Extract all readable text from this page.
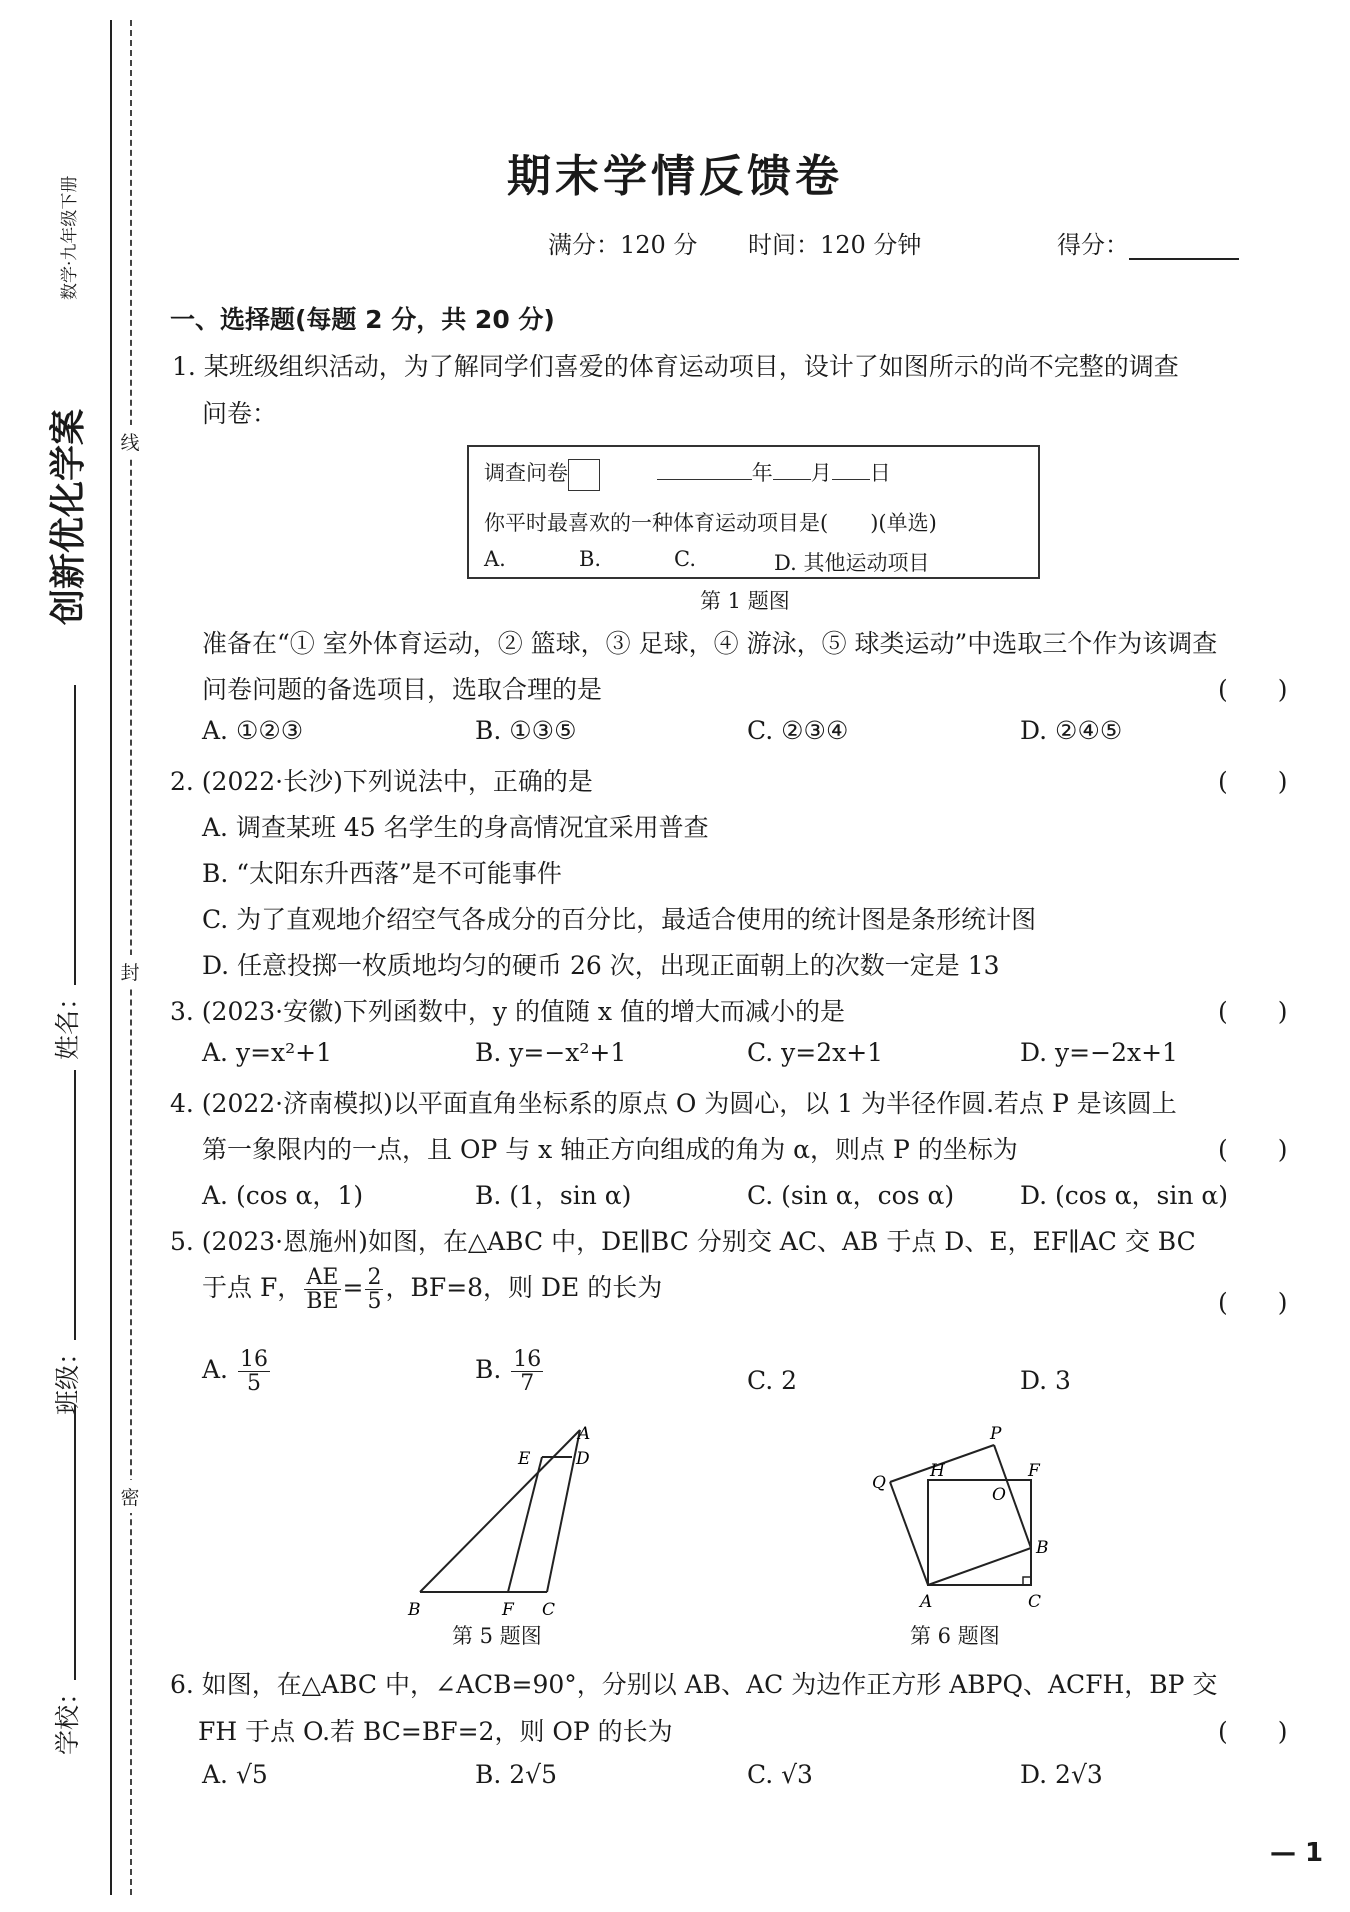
创新优化学案
数学·九年级下册
线
封
密
姓名：
班级：
学校：
期末学情反馈卷
满分：120 分 时间：120 分钟	得分：
一、选择题(每题 2 分，共 20 分)
1. 某班级组织活动，为了解同学们喜爱的体育运动项目，设计了如图所示的尚不完整的调查
问卷：
调查问卷	年 月 日
你平时最喜欢的一种体育运动项目是(　　)(单选)
A.	B.	C.	D. 其他运动项目
第 1 题图
准备在“① 室外体育运动，② 篮球，③ 足球，④ 游泳，⑤ 球类运动”中选取三个作为该调查
问卷问题的备选项目，选取合理的是	(　　)
A. ①②③	B. ①③⑤	C. ②③④	D. ②④⑤
2. (2022·长沙)下列说法中，正确的是	(　　)
A. 调查某班 45 名学生的身高情况宜采用普查
B. “太阳东升西落”是不可能事件
C. 为了直观地介绍空气各成分的百分比，最适合使用的统计图是条形统计图
D. 任意投掷一枚质地均匀的硬币 26 次，出现正面朝上的次数一定是 13
3. (2023·安徽)下列函数中，y 的值随 x 值的增大而减小的是	(　　)
A. y=x²+1	B. y=−x²+1	C. y=2x+1	D. y=−2x+1
4. (2022·济南模拟)以平面直角坐标系的原点 O 为圆心，以 1 为半径作圆.若点 P 是该圆上
第一象限内的一点，且 OP 与 x 轴正方向组成的角为 α，则点 P 的坐标为	(　　)
A. (cos α，1)	B. (1，sin α)	C. (sin α，cos α)	D. (cos α，sin α)
5. (2023·恩施州)如图，在△ABC 中，DE∥BC 分别交 AC、AB 于点 D、E，EF∥AC 交 BC
于点 F， $\frac{AE}{BE} = \frac{2}{5}$ ，BF=8，则 DE 的长为
(　　)
A. $\frac{16}{5}$	B. $\frac{16}{7}$	C. 2	D. 3
A
E	D
B	F C
第 5 题图
P
Q
H	F
O
B
A	C
第 6 题图
6. 如图，在△ABC 中，∠ACB=90°，分别以 AB、AC 为边作正方形 ABPQ、ACFH，BP 交
FH 于点 O.若 BC=BF=2，则 OP 的长为	(　　)
A. √5	B. 2√5	C. √3	D. 2√3
— 1
